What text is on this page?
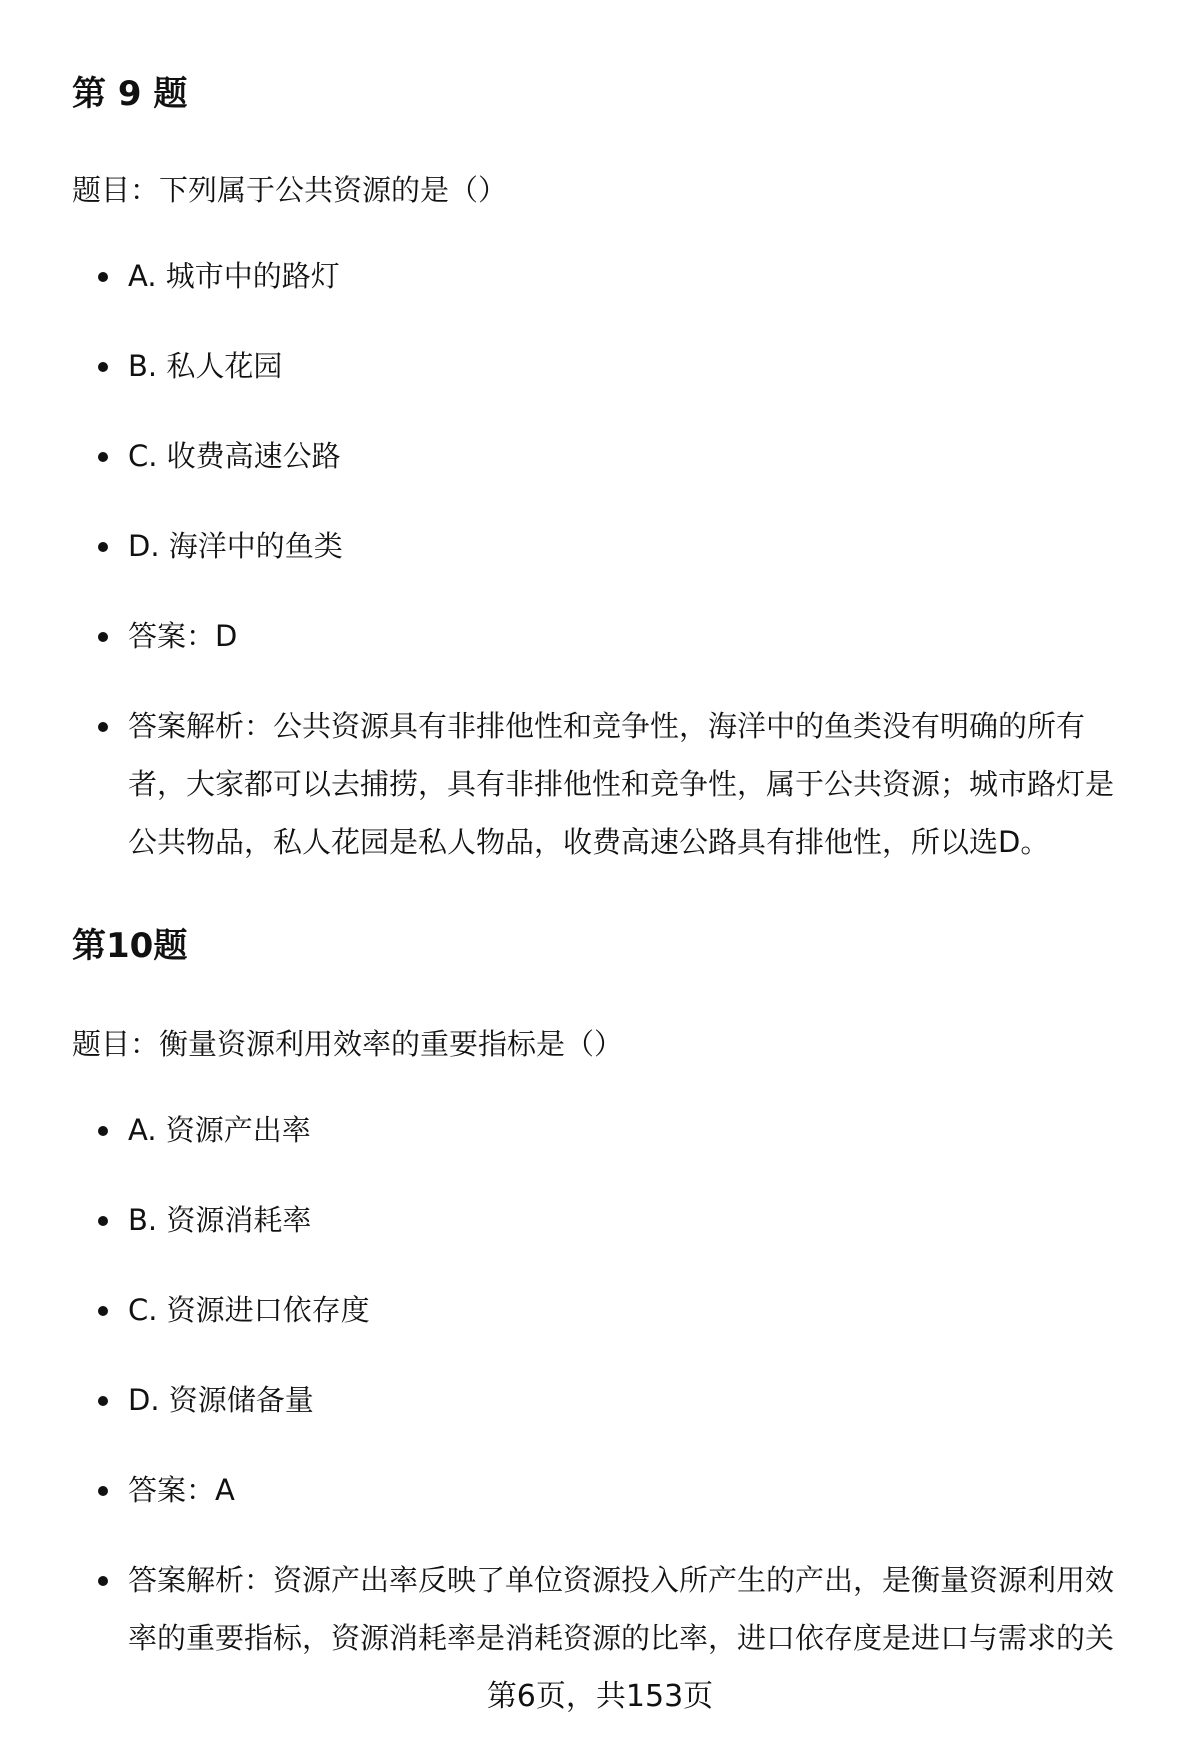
第 9 题

题目：下列属于公共资源的是（）

A. 城市中的路灯
B. 私人花园
C. 收费高速公路
D. 海洋中的鱼类
答案：D
答案解析：公共资源具有非排他性和竞争性，海洋中的鱼类没有明确的所有者，大家都可以去捕捞，具有非排他性和竞争性，属于公共资源；城市路灯是公共物品，私人花园是私人物品，收费高速公路具有排他性，所以选D。
第10题

题目：衡量资源利用效率的重要指标是（）

A. 资源产出率
B. 资源消耗率
C. 资源进口依存度
D. 资源储备量
答案：A
答案解析：资源产出率反映了单位资源投入所产生的产出，是衡量资源利用效率的重要指标，资源消耗率是消耗资源的比率，进口依存度是进口与需求的关
第6页，共153页
